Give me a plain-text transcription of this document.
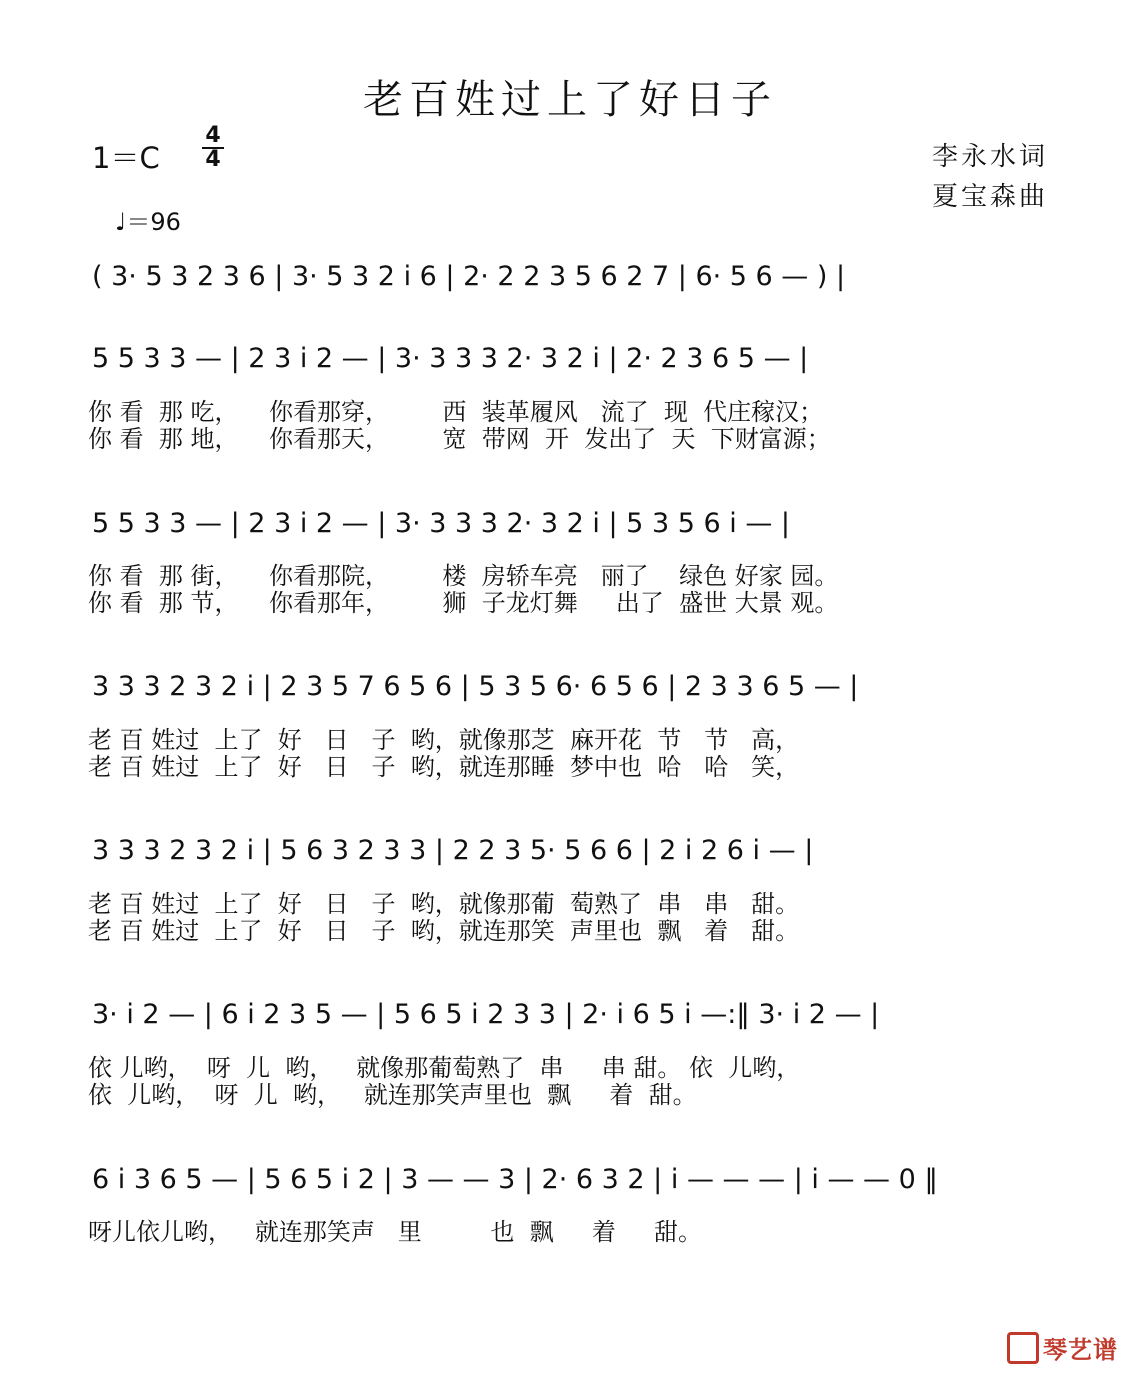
老百姓过上了好日子
1＝C
4
4
♩＝96
李永水词
夏宝森曲
( 3· 5 3 2 3 6 | 3· 5 3 2 i 6 | 2· 2 2 3 5 6 2 7 | 6· 5 6 — ) |
5 5 3 3 — | 2 3 i 2 — | 3· 3 3 3 2· 3 2 i | 2· 2 3 6 5 — |
你 看  那 吃，    你看那穿，       西  装革履风   流了  现  代庄稼汉；
你 看  那 地，    你看那天，       宽  带网  开  发出了  天  下财富源；
5 5 3 3 — | 2 3 i 2 — | 3· 3 3 3 2· 3 2 i | 5 3 5 6 i — |
你 看  那 街，    你看那院，       楼  房轿车亮   丽了    绿色 好家 园。
你 看  那 节，    你看那年，       狮  子龙灯舞     出了  盛世 大景 观。
3 3 3 2 3 2 i | 2 3 5 7 6 5 6 | 5 3 5 6· 6 5 6 | 2 3 3 6 5 — |
老 百 姓过  上了  好   日   子  哟，就像那芝  麻开花  节   节   高，
老 百 姓过  上了  好   日   子  哟，就连那睡  梦中也  哈   哈   笑，
3 3 3 2 3 2 i | 5 6 3 2 3 3 | 2 2 3 5· 5 6 6 | 2 i 2 6 i — |
老 百 姓过  上了  好   日   子  哟，就像那葡  萄熟了  串   串   甜。
老 百 姓过  上了  好   日   子  哟，就连那笑  声里也  飘   着   甜。
3· i 2 — | 6 i 2 3 5 — | 5 6 5 i 2 3 3 | 2· i 6 5 i —:‖ 3· i 2 — |
依 儿哟，  呀  儿  哟，   就像那葡萄熟了  串     串 甜。 依  儿哟，
依  儿哟，  呀  儿  哟，   就连那笑声里也  飘     着  甜。
6 i 3 6 5 — | 5 6 5 i 2 | 3 — — 3 | 2· 6 3 2 | i — — — | i — — 0 ‖
呀儿依儿哟，   就连那笑声   里         也  飘     着     甜。
琴艺谱
